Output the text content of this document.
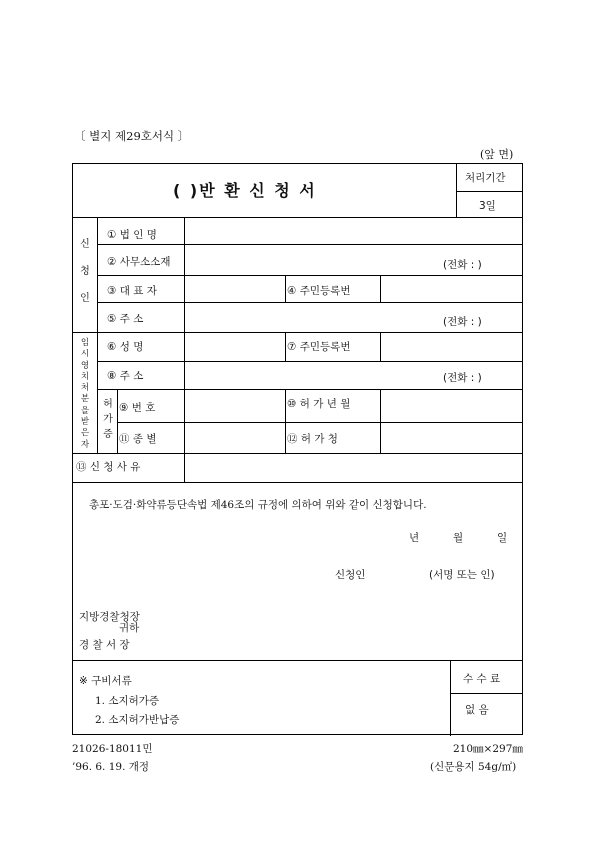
〔 별지 제29호서식 〕
(앞 면)
( )반 환 신 청 서
처리기간
3일
신
청
인
① 법 인 명
② 사무소소재	(전화 : )
③ 대 표 자	④ 주민등록번
⑤ 주 소	(전화 : )
임
시
영
치
처
분
을
받
은
자
⑥ 성 명	⑦ 주민등록번
⑧ 주 소	(전화 : )
허
가
증
⑨ 번 호	⑩ 허 가 년 월
⑪ 종 별	⑫ 허 가 청
⑬ 신 청 사 유
총포·도검·화약류등단속법 제46조의 규정에 의하여 위와 같이 신청합니다.
년	월	일
신청인	(서명 또는 인)
지방경찰청장
귀하
경 찰 서 장
※ 구비서류
1. 소지허가증
2. 소지허가반납증
수 수 료
없 음
21026-18011민
’96. 6. 19. 개정
210㎜×297㎜
(신문용지 54g/㎡)
